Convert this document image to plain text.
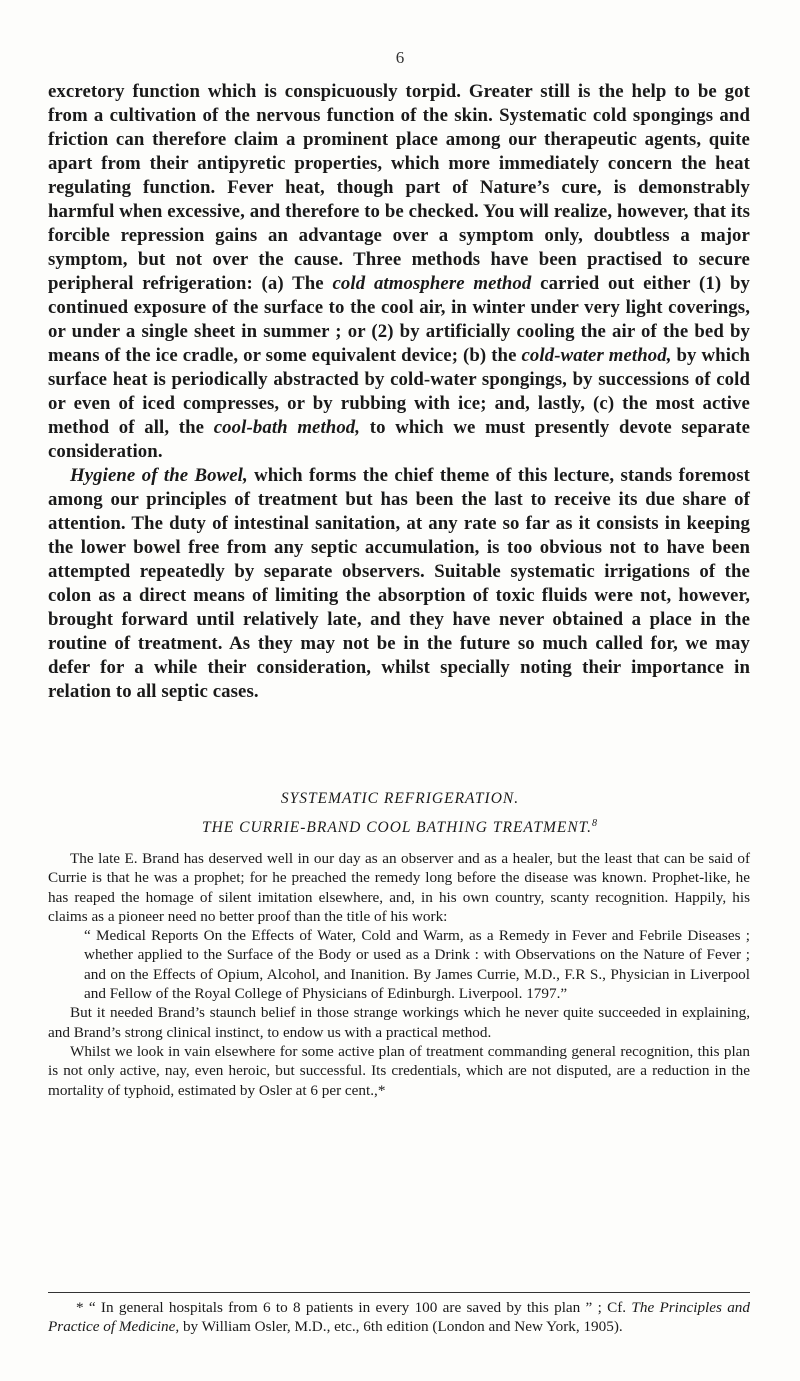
6

excretory function which is conspicuously torpid. Greater still is the help to be got from a cultivation of the nervous function of the skin. Systematic cold spongings and friction can therefore claim a prominent place among our therapeutic agents, quite apart from their antipyretic properties, which more immediately concern the heat regulating function. Fever heat, though part of Nature’s cure, is demonstrably harmful when excessive, and therefore to be checked. You will realize, however, that its forcible repression gains an advantage over a symptom only, doubtless a major symptom, but not over the cause. Three methods have been practised to secure peripheral refrigeration: (a) The cold atmosphere method carried out either (1) by continued exposure of the surface to the cool air, in winter under very light coverings, or under a single sheet in summer ; or (2) by artificially cooling the air of the bed by means of the ice cradle, or some equivalent device; (b) the cold-water method, by which surface heat is periodically abstracted by cold-water spongings, by successions of cold or even of iced compresses, or by rubbing with ice; and, lastly, (c) the most active method of all, the cool-bath method, to which we must presently devote separate consideration.

Hygiene of the Bowel, which forms the chief theme of this lecture, stands foremost among our principles of treatment but has been the last to receive its due share of attention. The duty of intestinal sanitation, at any rate so far as it consists in keeping the lower bowel free from any septic accumulation, is too obvious not to have been attempted repeatedly by separate observers. Suitable systematic irrigations of the colon as a direct means of limiting the absorption of toxic fluids were not, however, brought forward until relatively late, and they have never obtained a place in the routine of treatment. As they may not be in the future so much called for, we may defer for a while their consideration, whilst specially noting their importance in relation to all septic cases.

SYSTEMATIC REFRIGERATION.
THE CURRIE-BRAND COOL BATHING TREATMENT.$^8$

The late E. Brand has deserved well in our day as an observer and as a healer, but the least that can be said of Currie is that he was a prophet; for he preached the remedy long before the disease was known. Prophet-like, he has reaped the homage of silent imitation elsewhere, and, in his own country, scanty recognition. Happily, his claims as a pioneer need no better proof than the title of his work:

“ Medical Reports On the Effects of Water, Cold and Warm, as a Remedy in Fever and Febrile Diseases ; whether applied to the Surface of the Body or used as a Drink : with Observations on the Nature of Fever ; and on the Effects of Opium, Alcohol, and Inanition. By James Currie, M.D., F.R S., Physician in Liverpool and Fellow of the Royal College of Physicians of Edinburgh. Liverpool. 1797.”

But it needed Brand’s staunch belief in those strange workings which he never quite succeeded in explaining, and Brand’s strong clinical instinct, to endow us with a practical method.

Whilst we look in vain elsewhere for some active plan of treatment commanding general recognition, this plan is not only active, nay, even heroic, but successful. Its credentials, which are not disputed, are a reduction in the mortality of typhoid, estimated by Osler at 6 per cent.,*

* “ In general hospitals from 6 to 8 patients in every 100 are saved by this plan ” ; Cf. The Principles and Practice of Medicine, by William Osler, M.D., etc., 6th edition (London and New York, 1905).
